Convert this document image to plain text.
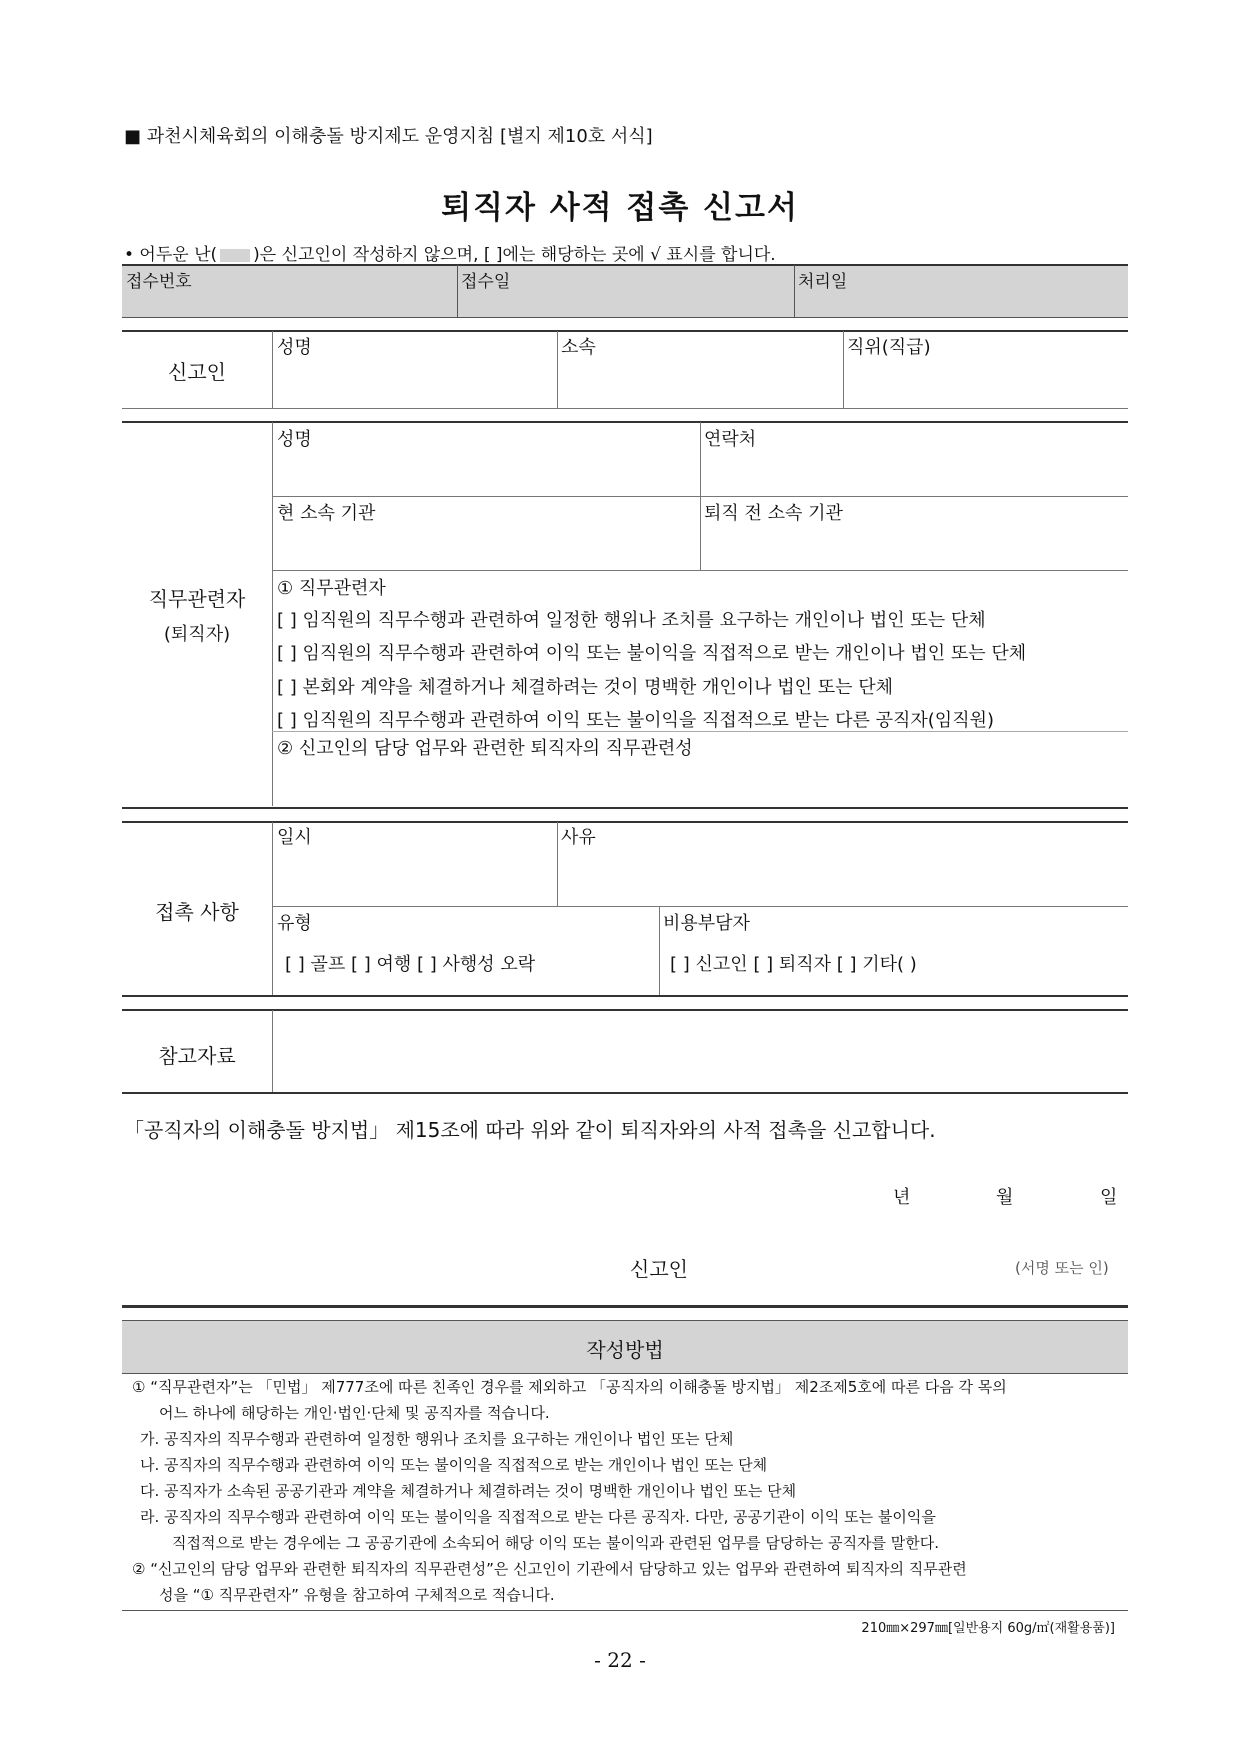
■ 과천시체육회의 이해충돌 방지제도 운영지침 [별지 제10호 서식]
퇴직자 사적 접촉 신고서
• 어두운 난( )은 신고인이 작성하지 않으며, [ ]에는 해당하는 곳에 √ 표시를 합니다.
접수번호	접수일	처리일
신고인
성명	소속	직위(직급)
직무관련자
(퇴직자)
성명	연락처
현 소속 기관	퇴직 전 소속 기관
① 직무관련자
[ ] 임직원의 직무수행과 관련하여 일정한 행위나 조치를 요구하는 개인이나 법인 또는 단체
[ ] 임직원의 직무수행과 관련하여 이익 또는 불이익을 직접적으로 받는 개인이나 법인 또는 단체
[ ] 본회와 계약을 체결하거나 체결하려는 것이 명백한 개인이나 법인 또는 단체
[ ] 임직원의 직무수행과 관련하여 이익 또는 불이익을 직접적으로 받는 다른 공직자(임직원)
② 신고인의 담당 업무와 관련한 퇴직자의 직무관련성
접촉 사항
일시	사유
유형
[ ] 골프 [ ] 여행 [ ] 사행성 오락
비용부담자
[ ] 신고인 [ ] 퇴직자 [ ] 기타( )
참고자료
「공직자의 이해충돌 방지법」 제15조에 따라 위와 같이 퇴직자와의 사적 접촉을 신고합니다.
년	월	일
신고인	(서명 또는 인)
작성방법
① “직무관련자”는 「민법」 제777조에 따른 친족인 경우를 제외하고 「공직자의 이해충돌 방지법」 제2조제5호에 따른 다음 각 목의
어느 하나에 해당하는 개인·법인·단체 및 공직자를 적습니다.
가. 공직자의 직무수행과 관련하여 일정한 행위나 조치를 요구하는 개인이나 법인 또는 단체
나. 공직자의 직무수행과 관련하여 이익 또는 불이익을 직접적으로 받는 개인이나 법인 또는 단체
다. 공직자가 소속된 공공기관과 계약을 체결하거나 체결하려는 것이 명백한 개인이나 법인 또는 단체
라. 공직자의 직무수행과 관련하여 이익 또는 불이익을 직접적으로 받는 다른 공직자. 다만, 공공기관이 이익 또는 불이익을
직접적으로 받는 경우에는 그 공공기관에 소속되어 해당 이익 또는 불이익과 관련된 업무를 담당하는 공직자를 말한다.
② “신고인의 담당 업무와 관련한 퇴직자의 직무관련성”은 신고인이 기관에서 담당하고 있는 업무와 관련하여 퇴직자의 직무관련
성을 “① 직무관련자” 유형을 참고하여 구체적으로 적습니다.
210㎜×297㎜[일반용지 60g/㎡(재활용품)]
- 22 -
